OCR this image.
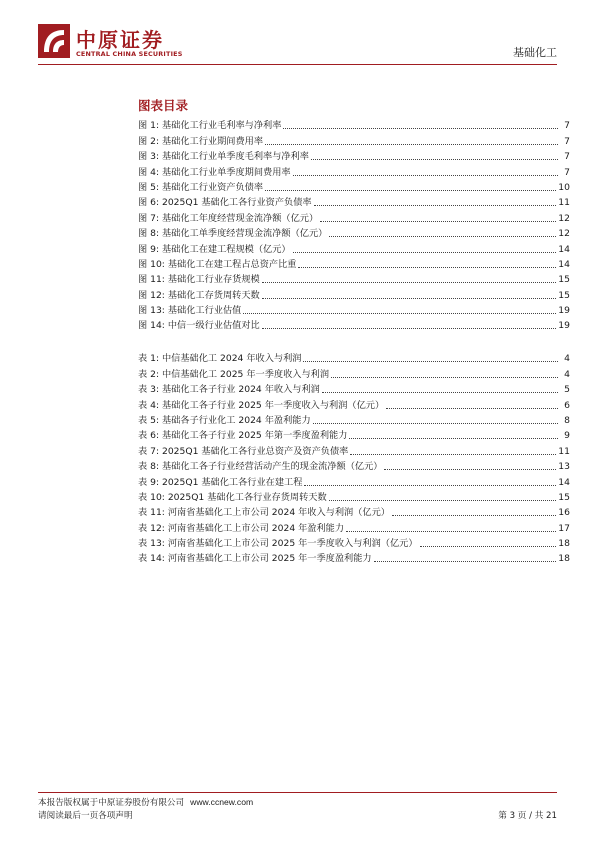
中原证券
CENTRAL CHINA SECURITIES	基础化工
图表目录
图 1: 基础化工行业毛利率与净利率	7
图 2: 基础化工行业期间费用率	7
图 3: 基础化工行业单季度毛利率与净利率	7
图 4: 基础化工行业单季度期间费用率	7
图 5: 基础化工行业资产负债率	10
图 6: 2025Q1 基础化工各行业资产负债率	11
图 7: 基础化工年度经营现金流净额（亿元）	12
图 8: 基础化工单季度经营现金流净额（亿元）	12
图 9: 基础化工在建工程规模（亿元）	14
图 10: 基础化工在建工程占总资产比重	14
图 11: 基础化工行业存货规模	15
图 12: 基础化工存货周转天数	15
图 13: 基础化工行业估值	19
图 14: 中信一级行业估值对比	19
表 1: 中信基础化工 2024 年收入与利润	4
表 2: 中信基础化工 2025 年一季度收入与利润	4
表 3: 基础化工各子行业 2024 年收入与利润	5
表 4: 基础化工各子行业 2025 年一季度收入与利润（亿元）	6
表 5: 基础各子行业化工 2024 年盈利能力	8
表 6: 基础化工各子行业 2025 年第一季度盈利能力	9
表 7: 2025Q1 基础化工各行业总资产及资产负债率	11
表 8: 基础化工各子行业经营活动产生的现金流净额（亿元）	13
表 9: 2025Q1 基础化工各行业在建工程	14
表 10: 2025Q1 基础化工各行业存货周转天数	15
表 11: 河南省基础化工上市公司 2024 年收入与利润（亿元）	16
表 12: 河南省基础化工上市公司 2024 年盈利能力	17
表 13: 河南省基础化工上市公司 2025 年一季度收入与利润（亿元）	18
表 14: 河南省基础化工上市公司 2025 年一季度盈利能力	18
本报告版权属于中原证券股份有限公司 www.ccnew.com
请阅读最后一页各项声明	第 3 页 / 共 21
